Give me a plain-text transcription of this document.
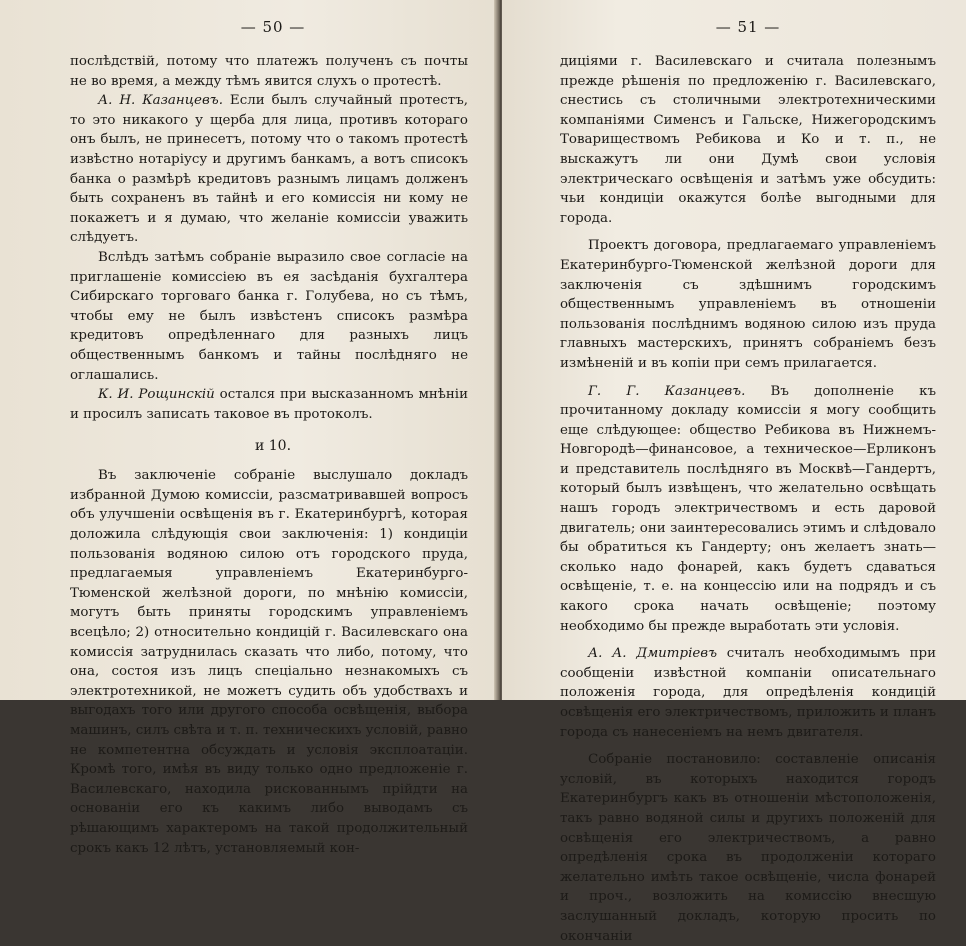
— 50 —

послѣдствій, потому что платежъ полученъ съ почты не во время, а между тѣмъ явится слухъ о протестѣ.

А. Н. Казанцевъ. Если былъ случайный протестъ, то это никакого у щерба для лица, противъ котораго онъ былъ, не принесетъ, потому что о такомъ протестѣ извѣстно нотаріусу и другимъ банкамъ, а вотъ списокъ банка о размѣрѣ кредитовъ разнымъ лицамъ долженъ быть сохраненъ въ тайнѣ и его комиссія ни кому не покажетъ и я думаю, что желаніе комиссіи уважить слѣдуетъ.

Вслѣдъ затѣмъ собраніе выразило свое согласіе на приглашеніе комиссіею въ ея засѣданія бухгалтера Сибирскаго торговаго банка г. Голубева, но съ тѣмъ, чтобы ему не былъ извѣстенъ списокъ размѣра кредитовъ опредѣленнаго для разныхъ лицъ общественнымъ банкомъ и тайны послѣдняго не оглашались.

К. И. Рощинскій остался при высказанномъ мнѣніи и просилъ записать таковое въ протоколъ.

и 10.

Въ заключеніе собраніе выслушало докладъ избранной Думою комиссіи, разсматривавшей вопросъ объ улучшеніи освѣщенія въ г. Екатеринбургѣ, которая доложила слѣдующія свои заключенія: 1) кондиціи пользованія водяною силою отъ городского пруда, предлагаемыя управленіемъ Екатеринбурго-Тюменской желѣзной дороги, по мнѣнію комиссіи, могутъ быть приняты городскимъ управленіемъ всецѣло; 2) относительно кондицій г. Василевскаго она комиссія затруднилась сказать что либо, потому, что она, состоя изъ лицъ спеціально незнакомыхъ съ электротехникой, не можетъ судить объ удобствахъ и выгодахъ того или другого способа освѣщенія, выбора машинъ, силъ свѣта и т. п. техническихъ условій, равно не компетентна обсуждать и условія эксплоатаціи. Кромѣ того, имѣя въ виду только одно предложеніе г. Василевскаго, находила рискованнымъ прійдти на основаніи его къ какимъ либо выводамъ съ рѣшающимъ характеромъ на такой продолжительный срокъ какъ 12 лѣтъ, установляемый кон-

— 51 —

диціями г. Василевскаго и считала полезнымъ прежде рѣшенія по предложенію г. Василевскаго, снестись съ столичными электротехническими компаніями Сименсъ и Гальске, Нижегородскимъ Товариществомъ Ребикова и Ко и т. п., не выскажутъ ли они Думѣ свои условія электрическаго освѣщенія и затѣмъ уже обсудить: чьи кондиціи окажутся болѣе выгодными для города.

Проектъ договора, предлагаемаго управленіемъ Екатеринбурго-Тюменской желѣзной дороги для заключенія съ здѣшнимъ городскимъ общественнымъ управленіемъ въ отношеніи пользованія послѣднимъ водяною силою изъ пруда главныхъ мастерскихъ, принятъ собраніемъ безъ измѣненій и въ копіи при семъ прилагается.

Г. Г. Казанцевъ. Въ дополненіе къ прочитанному докладу комиссіи я могу сообщить еще слѣдующее: общество Ребикова въ Нижнемъ-Новгородѣ—финансовое, а техническое—Ерликонъ и представитель послѣдняго въ Москвѣ—Гандертъ, который былъ извѣщенъ, что желательно освѣщать нашъ городъ электричествомъ и есть даровой двигатель; они заинтересовались этимъ и слѣдовало бы обратиться къ Гандерту; онъ желаетъ знать—сколько надо фонарей, какъ будетъ сдаваться освѣщеніе, т. е. на концессію или на подрядъ и съ какого срока начать освѣщеніе; поэтому необходимо бы прежде выработать эти условія.

А. А. Дмитріевъ считалъ необходимымъ при сообщеніи извѣстной компаніи описательнаго положенія города, для опредѣленія кондицій освѣщенія его электричествомъ, приложить и планъ города съ нанесеніемъ на немъ двигателя.

Собраніе постановило: составленіе описанія условій, въ которыхъ находится городъ Екатеринбургъ какъ въ отношеніи мѣстоположенія, такъ равно водяной силы и другихъ положеній для освѣщенія его электричествомъ, а равно опредѣленія срока въ продолженіи котораго желательно имѣть такое освѣщеніе, числа фонарей и проч., возложить на комиссію внесшую заслушанный докладъ, которую просить по окончаніи
